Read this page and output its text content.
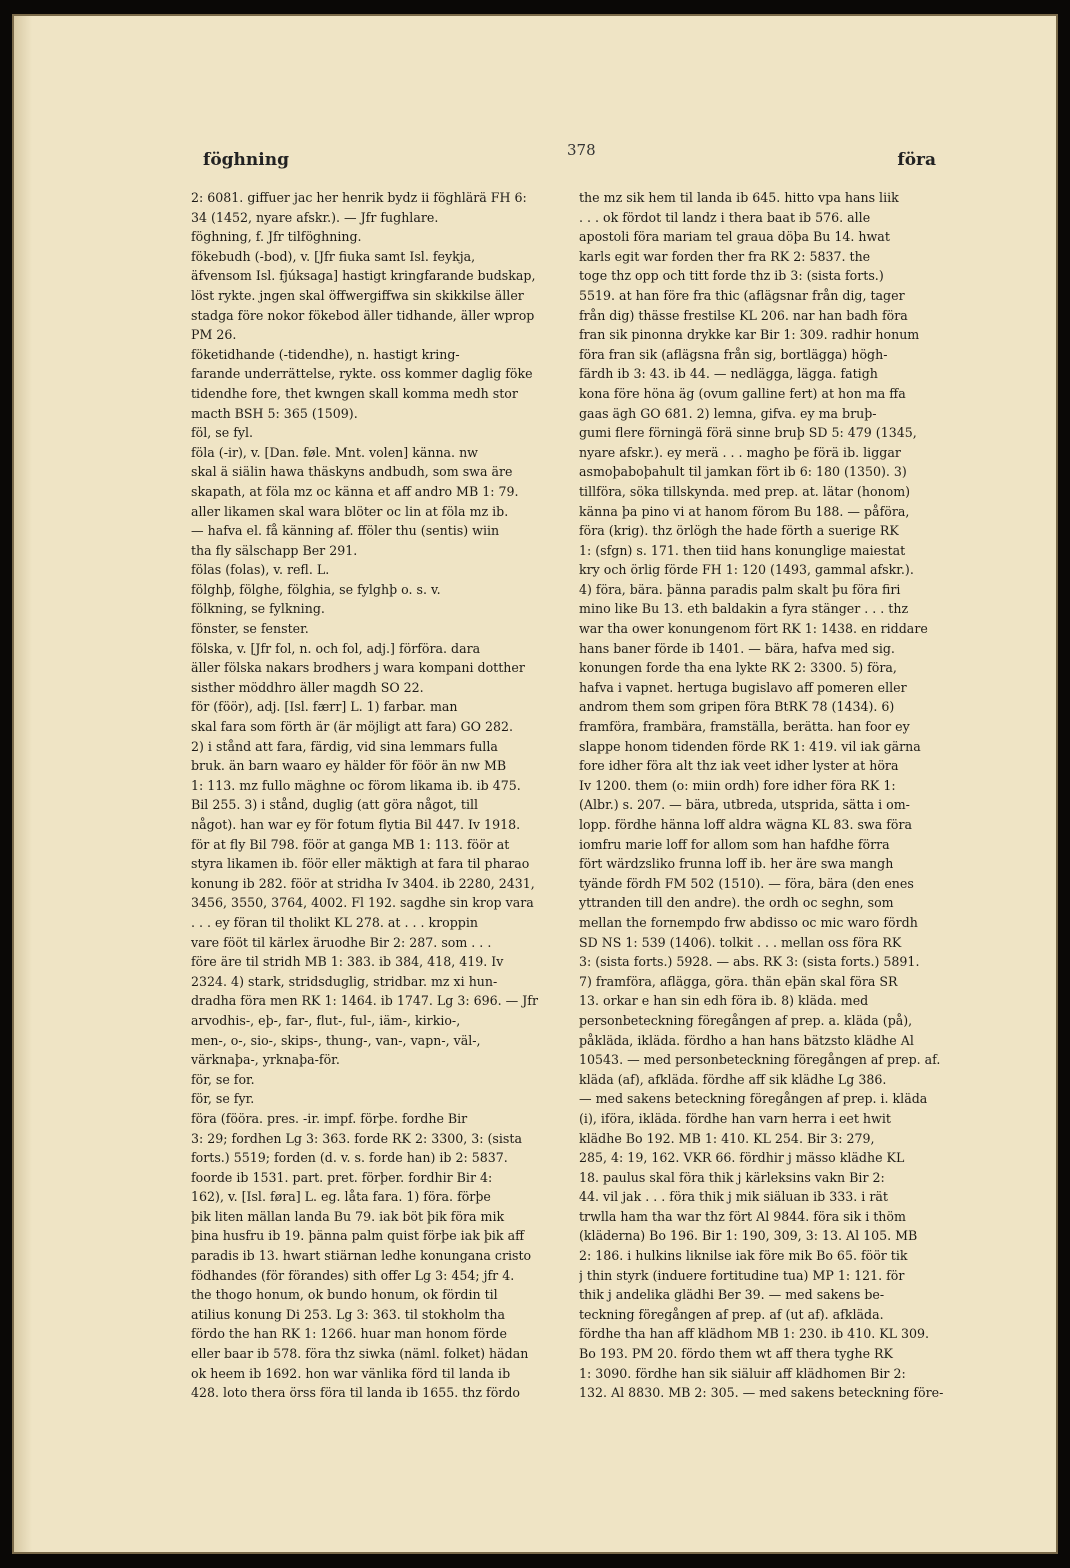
föghning	378	föra
2: 6081. giffuer jac her henrik bydz ii föghlärä FH 6:
34 (1452, nyare afskr.). — Jfr fughlare.
föghning, f. Jfr tilföghning.
fökebudh (-bod), v. [Jfr fiuka samt Isl. feykja,
äfvensom Isl. fjúksaga] hastigt kringfarande budskap,
löst rykte. jngen skal öffwergiffwa sin skikkilse äller
stadga före nokor fökebod äller tidhande, äller wprop
PM 26.
föketidhande (-tidendhe), n. hastigt kring-
farande underrättelse, rykte. oss kommer daglig föke
tidendhe fore, thet kwngen skall komma medh stor
macth BSH 5: 365 (1509).
föl, se fyl.
föla (-ir), v. [Dan. føle. Mnt. volen] känna. nw
skal ä siälin hawa thäskyns andbudh, som swa äre
skapath, at föla mz oc känna et aff andro MB 1: 79.
aller likamen skal wara blöter oc lin at föla mz ib.
— hafva el. få känning af. fföler thu (sentis) wiin
tha fly sälschapp Ber 291.
fölas (folas), v. refl. L.
fölghþ, fölghe, fölghia, se fylghþ o. s. v.
fölkning, se fylkning.
fönster, se fenster.
fölska, v. [Jfr fol, n. och fol, adj.] förföra. dara
äller fölska nakars brodhers j wara kompani dotther
sisther möddhro äller magdh SO 22.
för (föör), adj. [Isl. færr] L. 1) farbar. man
skal fara som förth är (är möjligt att fara) GO 282.
2) i stånd att fara, färdig, vid sina lemmars fulla
bruk. än barn waaro ey hälder för föör än nw MB
1: 113. mz fullo mäghne oc förom likama ib. ib 475.
Bil 255. 3) i stånd, duglig (att göra något, till
något). han war ey för fotum flytia Bil 447. Iv 1918.
för at fly Bil 798. föör at ganga MB 1: 113. föör at
styra likamen ib. föör eller mäktigh at fara til pharao
konung ib 282. föör at stridha Iv 3404. ib 2280, 2431,
3456, 3550, 3764, 4002. Fl 192. sagdhe sin krop vara
. . . ey föran til tholikt KL 278. at . . . kroppin
vare fööt til kärlex äruodhe Bir 2: 287. som . . .
före äre til stridh MB 1: 383. ib 384, 418, 419. Iv
2324. 4) stark, stridsduglig, stridbar. mz xi hun-
dradha föra men RK 1: 1464. ib 1747. Lg 3: 696. — Jfr
arvodhis-, eþ-, far-, flut-, ful-, iäm-, kirkio-,
men-, o-, sio-, skips-, thung-, van-, vapn-, väl-,
värknaþa-, yrknaþa-för.
för, se for.
för, se fyr.
föra (fööra. pres. -ir. impf. förþe. fordhe Bir
3: 29; fordhen Lg 3: 363. forde RK 2: 3300, 3: (sista
forts.) 5519; forden (d. v. s. forde han) ib 2: 5837.
foorde ib 1531. part. pret. förþer. fordhir Bir 4:
162), v. [Isl. føra] L. eg. låta fara. 1) föra. förþe
þik liten mällan landa Bu 79. iak böt þik föra mik
þina husfru ib 19. þänna palm quist förþe iak þik aff
paradis ib 13. hwart stiärnan ledhe konungana cristo
födhandes (för förandes) sith offer Lg 3: 454; jfr 4.
the thogo honum, ok bundo honum, ok fördin til
atilius konung Di 253. Lg 3: 363. til stokholm tha
fördo the han RK 1: 1266. huar man honom förde
eller baar ib 578. föra thz siwka (näml. folket) hädan
ok heem ib 1692. hon war vänlika förd til landa ib
428. loto thera örss föra til landa ib 1655. thz fördo
the mz sik hem til landa ib 645. hitto vpa hans liik
. . . ok fördot til landz i thera baat ib 576. alle
apostoli föra mariam tel graua döþa Bu 14. hwat
karls egit war forden ther fra RK 2: 5837. the
toge thz opp och titt forde thz ib 3: (sista forts.)
5519. at han före fra thic (aflägsnar från dig, tager
från dig) thässe frestilse KL 206. nar han badh föra
fran sik pinonna drykke kar Bir 1: 309. radhir honum
föra fran sik (aflägsna från sig, bortlägga) högh-
färdh ib 3: 43. ib 44. — nedlägga, lägga. fatigh
kona före höna äg (ovum galline fert) at hon ma ffa
gaas ägh GO 681. 2) lemna, gifva. ey ma bruþ-
gumi flere förningä förä sinne bruþ SD 5: 479 (1345,
nyare afskr.). ey merä . . . magho þe förä ib. liggar
asmoþaboþahult til jamkan fört ib 6: 180 (1350). 3)
tillföra, söka tillskynda. med prep. at. lätar (honom)
känna þa pino vi at hanom förom Bu 188. — påföra,
föra (krig). thz örlögh the hade förth a suerige RK
1: (sfgn) s. 171. then tiid hans konunglige maiestat
kry och örlig förde FH 1: 120 (1493, gammal afskr.).
4) föra, bära. þänna paradis palm skalt þu föra firi
mino like Bu 13. eth baldakin a fyra stänger . . . thz
war tha ower konungenom fört RK 1: 1438. en riddare
hans baner förde ib 1401. — bära, hafva med sig.
konungen forde tha ena lykte RK 2: 3300. 5) föra,
hafva i vapnet. hertuga bugislavo aff pomeren eller
androm them som gripen föra BtRK 78 (1434). 6)
framföra, frambära, framställa, berätta. han foor ey
slappe honom tidenden förde RK 1: 419. vil iak gärna
fore idher föra alt thz iak veet idher lyster at höra
Iv 1200. them (o: miin ordh) fore idher föra RK 1:
(Albr.) s. 207. — bära, utbreda, utsprida, sätta i om-
lopp. fördhe hänna loff aldra wägna KL 83. swa föra
iomfru marie loff for allom som han hafdhe förra
fört wärdzsliko frunna loff ib. her äre swa mangh
tyände fördh FM 502 (1510). — föra, bära (den enes
yttranden till den andre). the ordh oc seghn, som
mellan the fornempdo frw abdisso oc mic waro fördh
SD NS 1: 539 (1406). tolkit . . . mellan oss föra RK
3: (sista forts.) 5928. — abs. RK 3: (sista forts.) 5891.
7) framföra, aflägga, göra. thän eþän skal föra SR
13. orkar e han sin edh föra ib. 8) kläda. med
personbeteckning föregången af prep. a. kläda (på),
påkläda, ikläda. fördho a han hans bätzsto klädhe Al
10543. — med personbeteckning föregången af prep. af.
kläda (af), afkläda. fördhe aff sik klädhe Lg 386.
— med sakens beteckning föregången af prep. i. kläda
(i), iföra, ikläda. fördhe han varn herra i eet hwit
klädhe Bo 192. MB 1: 410. KL 254. Bir 3: 279,
285, 4: 19, 162. VKR 66. fördhir j mässo klädhe KL
18. paulus skal föra thik j kärleksins vakn Bir 2:
44. vil jak . . . föra thik j mik siäluan ib 333. i rät
trwlla ham tha war thz fört Al 9844. föra sik i thöm
(kläderna) Bo 196. Bir 1: 190, 309, 3: 13. Al 105. MB
2: 186. i hulkins liknilse iak före mik Bo 65. föör tik
j thin styrk (induere fortitudine tua) MP 1: 121. för
thik j andelika glädhi Ber 39. — med sakens be-
teckning föregången af prep. af (ut af). afkläda.
fördhe tha han aff klädhom MB 1: 230. ib 410. KL 309.
Bo 193. PM 20. fördo them wt aff thera tyghe RK
1: 3090. fördhe han sik siäluir aff klädhomen Bir 2:
132. Al 8830. MB 2: 305. — med sakens beteckning före-
